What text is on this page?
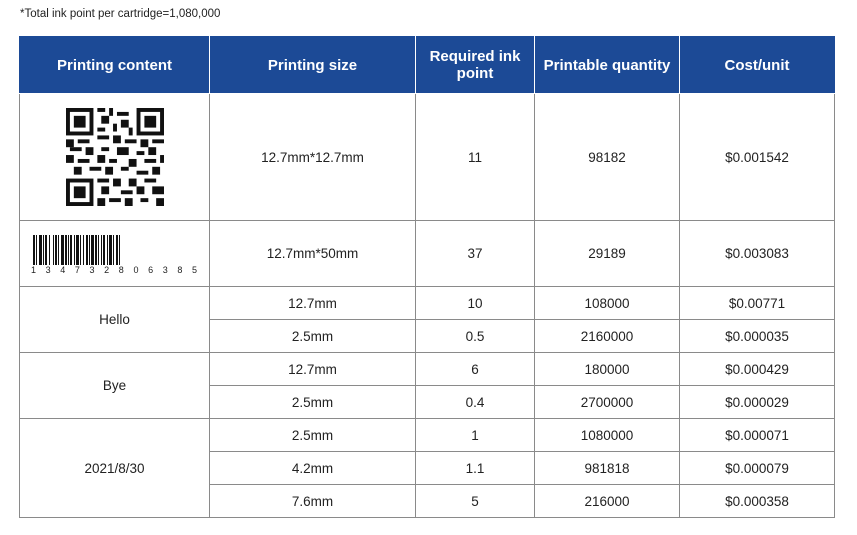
*Total ink point per cartridge=1,080,000
Printing content	Printing size	Required ink point	Printable quantity	Cost/unit

	12.7mm*12.7mm	11	98182	$0.001542

1 3 4 7 3 2 8 0 6 3 8 5	12.7mm*50mm	37	29189	$0.003083
Hello	12.7mm	10	108000	$0.00771
	2.5mm	0.5	2160000	$0.000035
Bye	12.7mm	6	180000	$0.000429
	2.5mm	0.4	2700000	$0.000029
2021/8/30	2.5mm	1	1080000	$0.000071
	4.2mm	1.1	981818	$0.000079
	7.6mm	5	216000	$0.000358
